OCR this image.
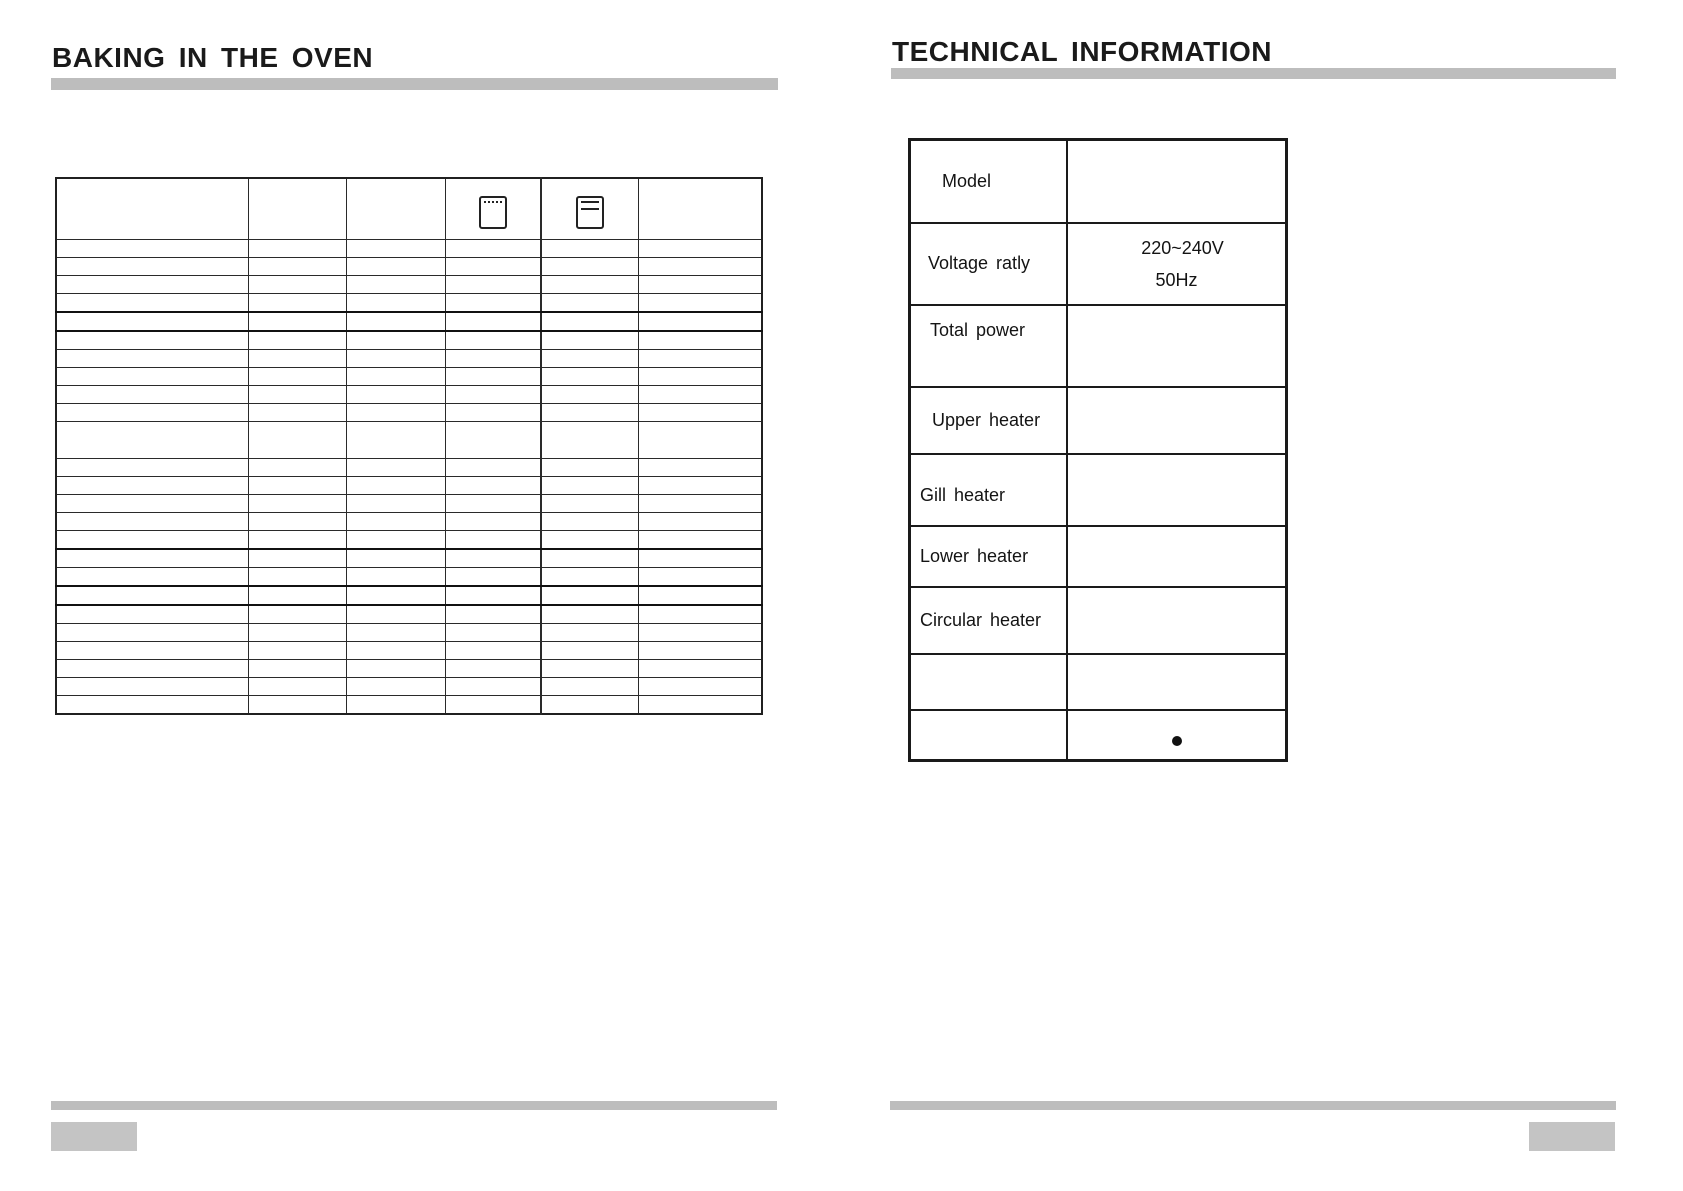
BAKING IN THE OVEN

						TECHNICAL INFORMATION
Model	

Voltage ratly	220~240V
50Hz

Total power	

Upper heater	

Gill heater	

Lower heater	

Circular heater	
